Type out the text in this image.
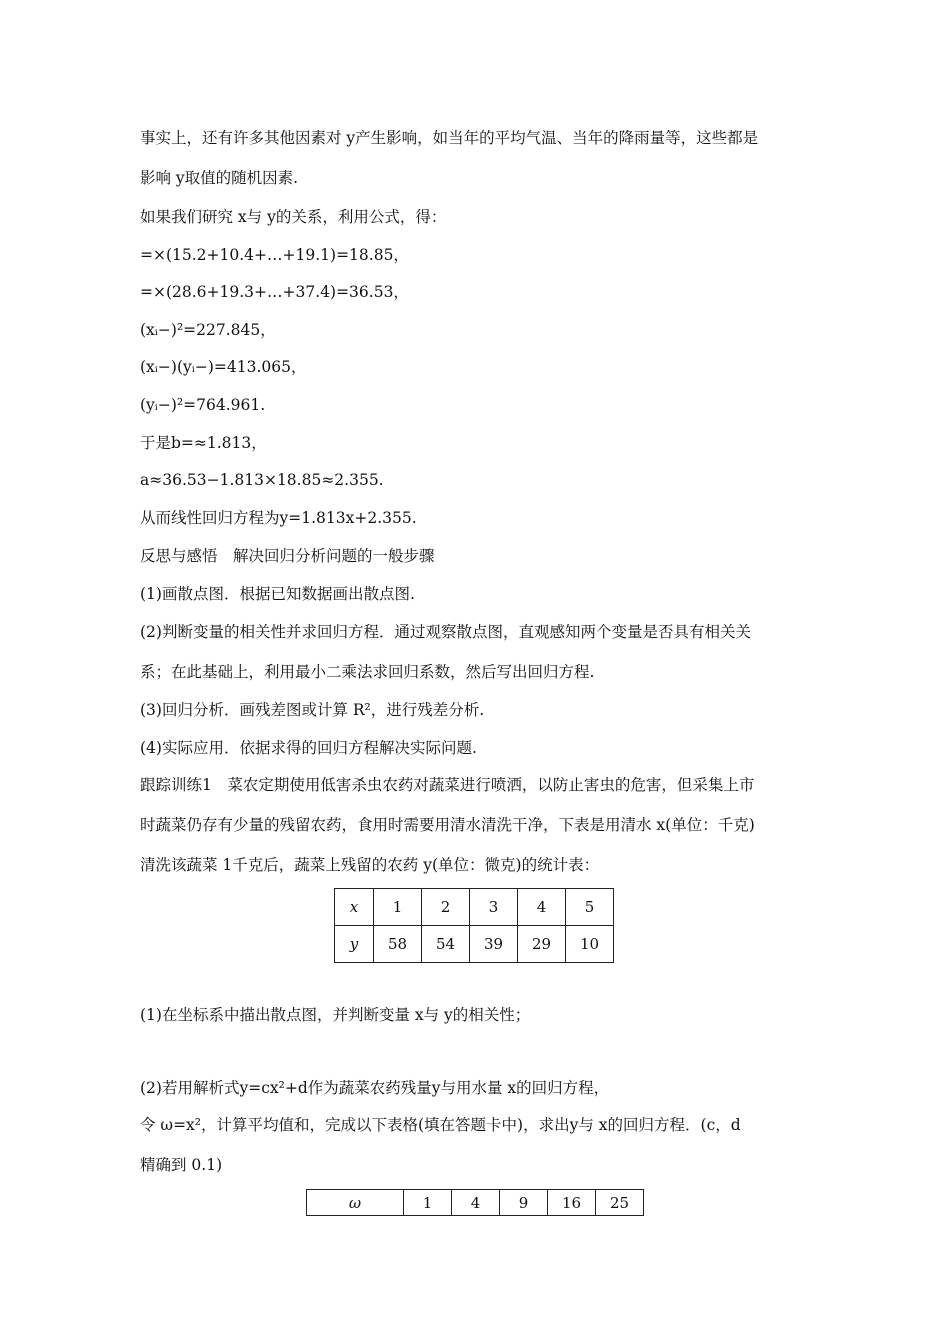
事实上，还有许多其他因素对 y产生影响，如当年的平均气温、当年的降雨量等，这些都是
影响 y取值的随机因素.
如果我们研究 x与 y的关系，利用公式，得：
=×(15.2+10.4+…+19.1)=18.85，
=×(28.6+19.3+…+37.4)=36.53，
(xᵢ−)²=227.845，
(xᵢ−)(yᵢ−)=413.065，
(yᵢ−)²=764.961.
于是b=≈1.813，
a≈36.53−1.813×18.85≈2.355.
从而线性回归方程为y=1.813x+2.355.
反思与感悟　解决回归分析问题的一般步骤
(1)画散点图．根据已知数据画出散点图.
(2)判断变量的相关性并求回归方程．通过观察散点图，直观感知两个变量是否具有相关关
系；在此基础上，利用最小二乘法求回归系数，然后写出回归方程.
(3)回归分析．画残差图或计算 R²，进行残差分析.
(4)实际应用．依据求得的回归方程解决实际问题.
跟踪训练1　菜农定期使用低害杀虫农药对蔬菜进行喷洒，以防止害虫的危害，但采集上市
时蔬菜仍存有少量的残留农药，食用时需要用清水清洗干净，下表是用清水 x(单位：千克)
清洗该蔬菜 1千克后，蔬菜上残留的农药 y(单位：微克)的统计表：
x	1	2	3	4	5
y	58	54	39	29	10
(1)在坐标系中描出散点图，并判断变量 x与 y的相关性；
(2)若用解析式y=cx²+d作为蔬菜农药残量y与用水量 x的回归方程，
令 ω=x²，计算平均值和，完成以下表格(填在答题卡中)，求出y与 x的回归方程．(c，d
精确到 0.1)
ω	1	4	9	16	25
